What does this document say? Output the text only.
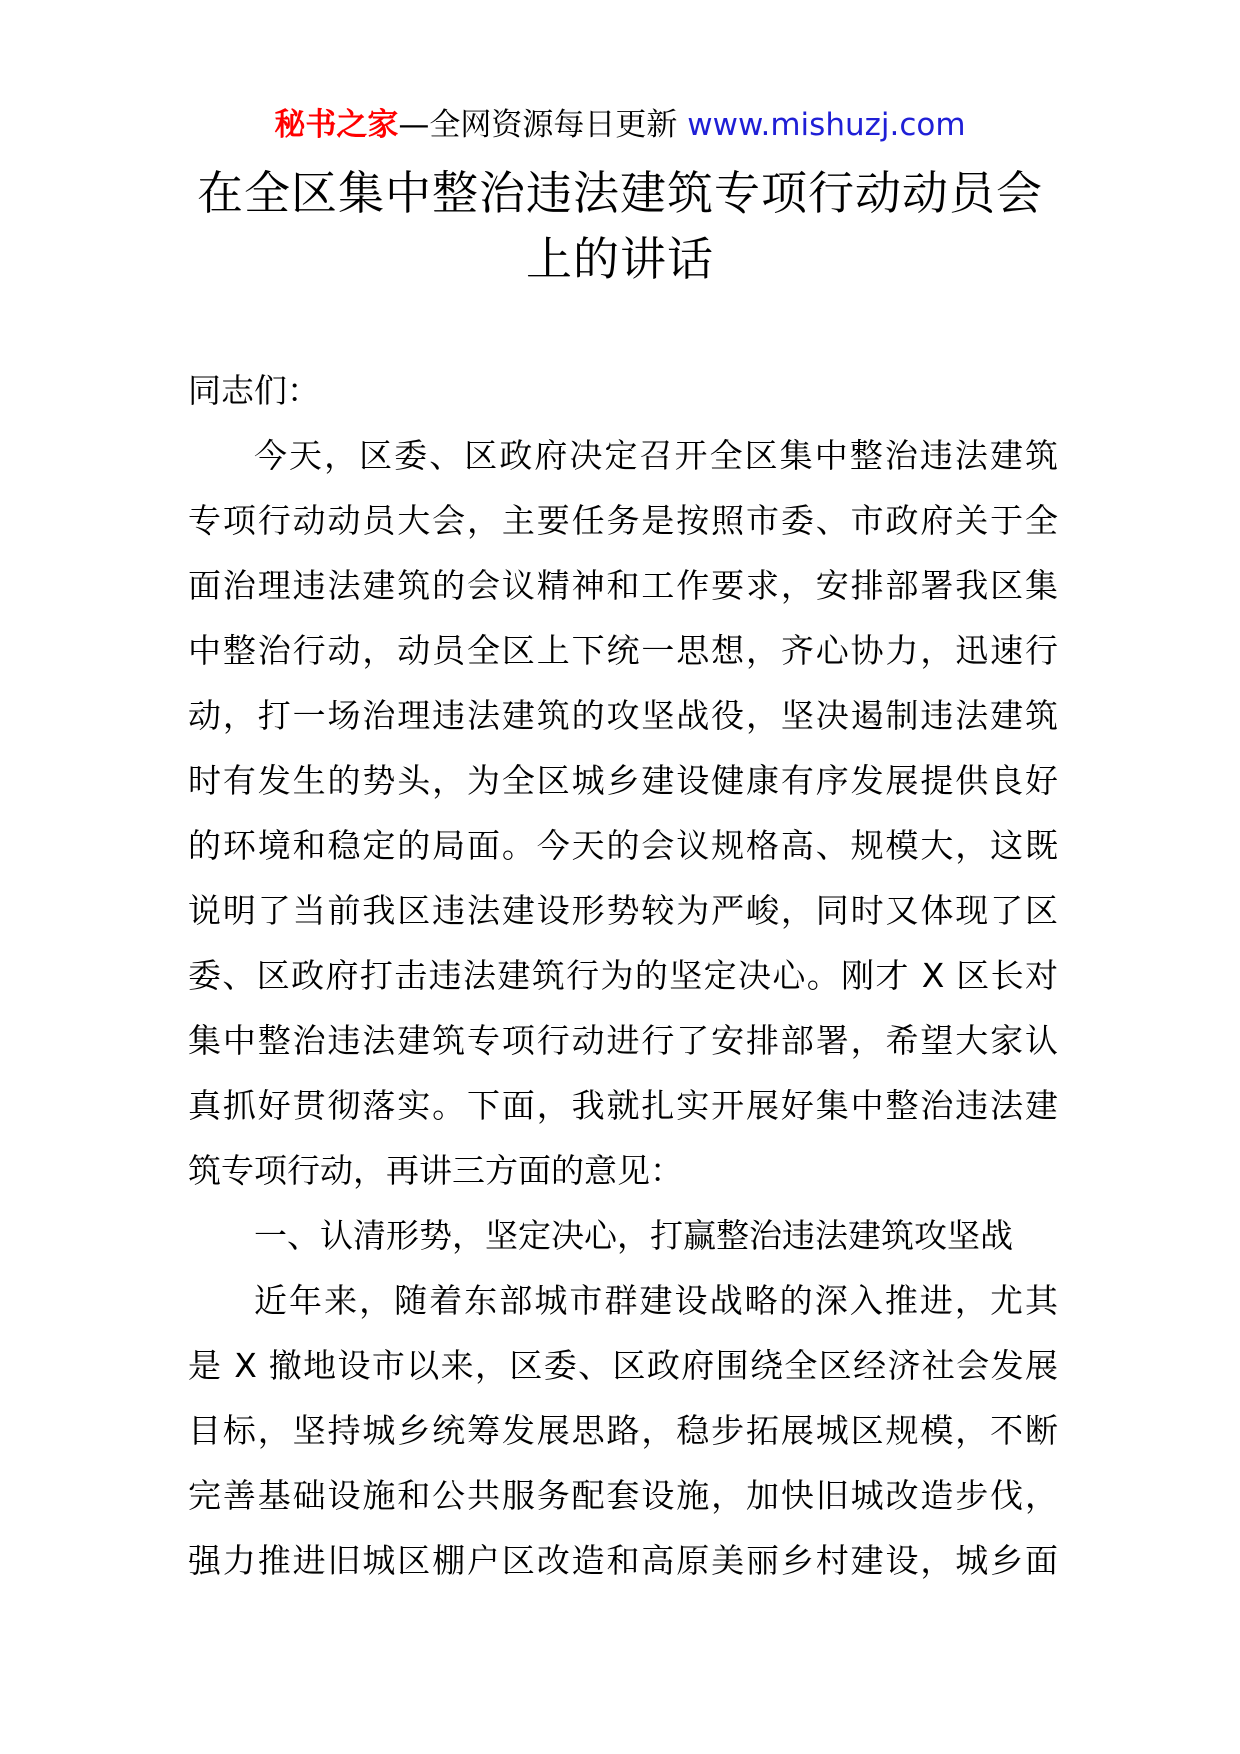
秘书之家—全网资源每日更新 www.mishuzj.com
在全区集中整治违法建筑专项行动动员会
上的讲话
同志们：
今天，区委、区政府决定召开全区集中整治违法建筑
专项行动动员大会，主要任务是按照市委、市政府关于全
面治理违法建筑的会议精神和工作要求，安排部署我区集
中整治行动，动员全区上下统一思想，齐心协力，迅速行
动，打一场治理违法建筑的攻坚战役，坚决遏制违法建筑
时有发生的势头，为全区城乡建设健康有序发展提供良好
的环境和稳定的局面。今天的会议规格高、规模大，这既
说明了当前我区违法建设形势较为严峻，同时又体现了区
委、区政府打击违法建筑行为的坚定决心。刚才 X 区长对
集中整治违法建筑专项行动进行了安排部署，希望大家认
真抓好贯彻落实。下面，我就扎实开展好集中整治违法建
筑专项行动，再讲三方面的意见：
一、认清形势，坚定决心，打赢整治违法建筑攻坚战
近年来，随着东部城市群建设战略的深入推进，尤其
是 X 撤地设市以来，区委、区政府围绕全区经济社会发展
目标，坚持城乡统筹发展思路，稳步拓展城区规模，不断
完善基础设施和公共服务配套设施，加快旧城改造步伐，
强力推进旧城区棚户区改造和高原美丽乡村建设，城乡面
